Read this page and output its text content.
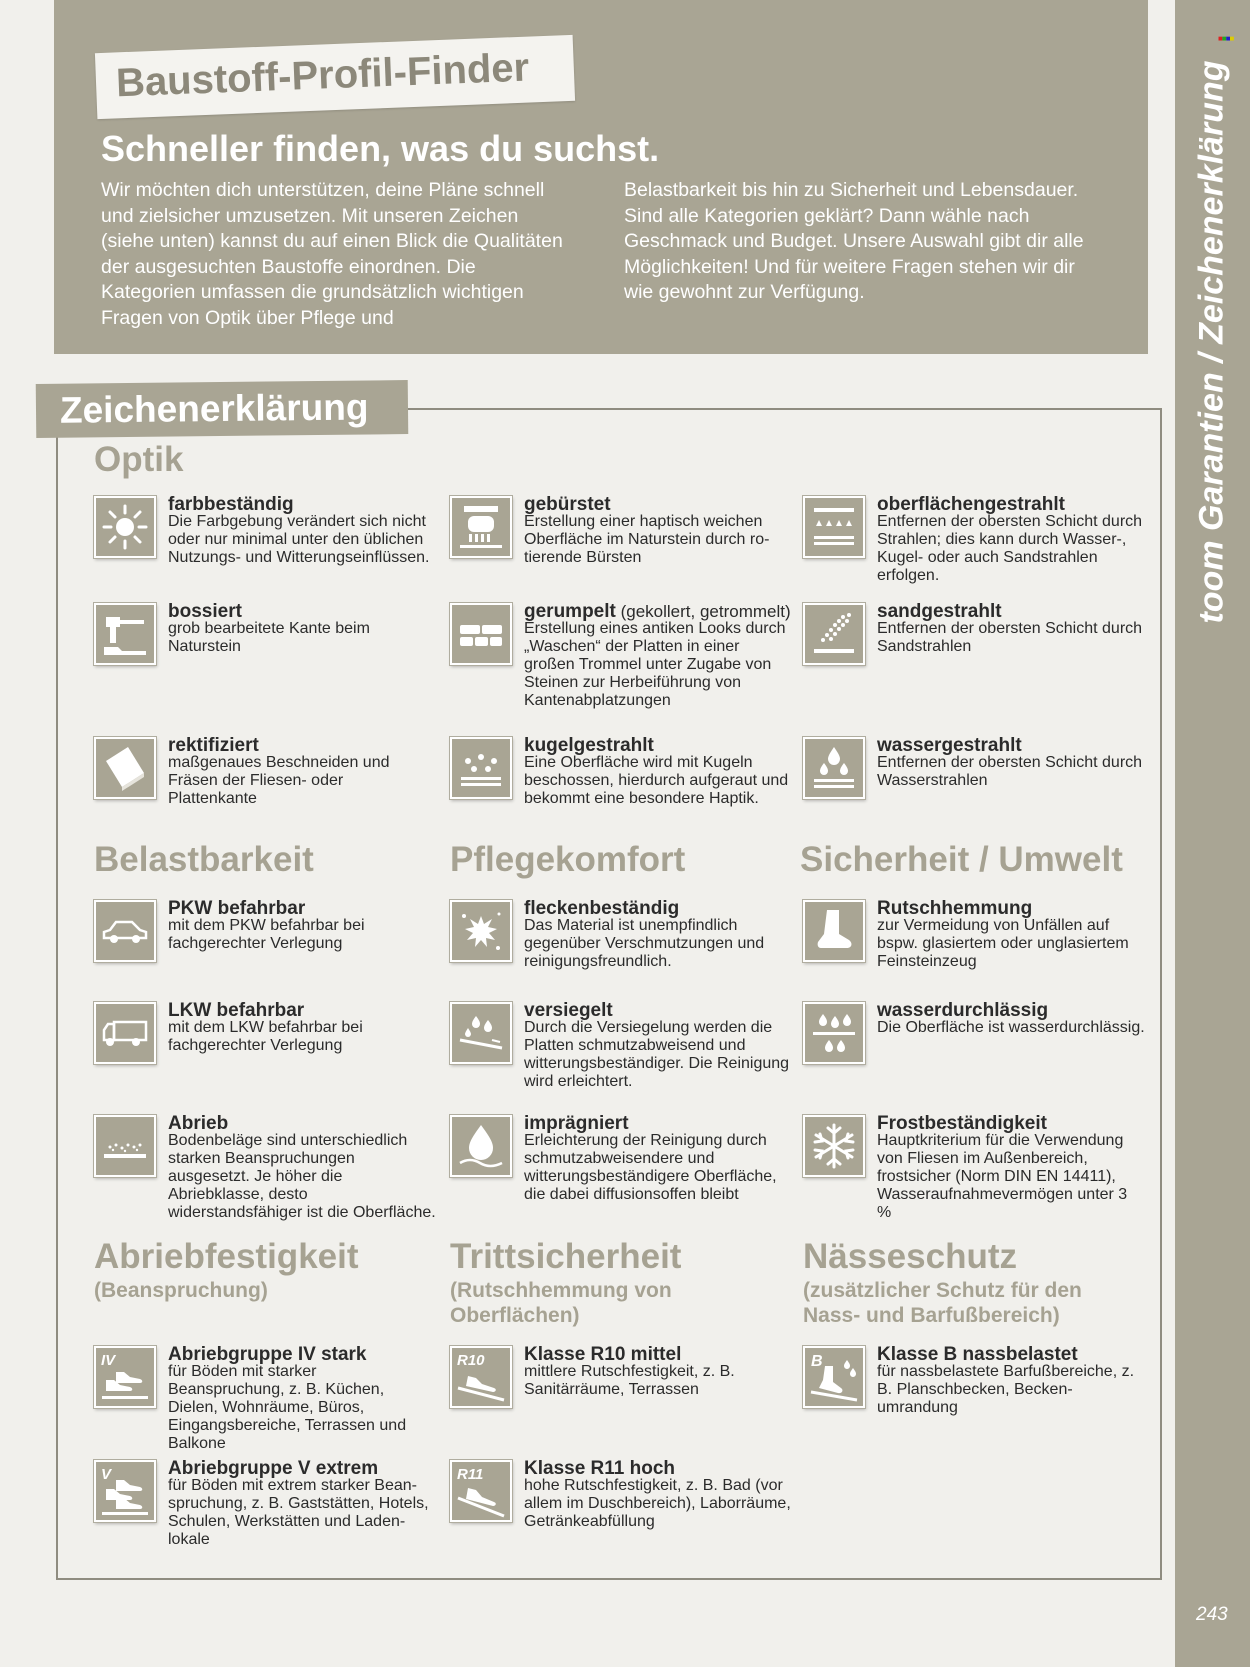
Baustoff-Profil-Finder
Schneller finden, was du suchst.
Wir möchten dich unterstützen, deine Pläne schnell und zielsicher umzusetzen. Mit unseren Zeichen (siehe unten) kannst du auf einen Blick die Qualitäten der ausgesuchten Baustoffe einordnen. Die Kategorien umfassen die grundsätzlich wichtigen Fragen von Optik über Pflege und
Belastbarkeit bis hin zu Sicherheit und Lebensdauer. Sind alle Kategorien geklärt? Dann wähle nach Geschmack und Budget. Unsere Auswahl gibt dir alle Möglichkeiten! Und für weitere Fragen stehen wir dir wie gewohnt zur Verfügung.	toom Garantien / Zeichenerklärung
■■■■
243
Zeichenerklärung
Optik
Belastbarkeit	Pflegekomfort	Sicherheit / Umwelt
Abriebfestigkeit
(Beanspruchung)
Trittsicherheit
(Rutschhemmung von Oberflächen)
Nässeschutz
(zusätzlicher Schutz für den Nass- und Barfußbereich)
farbbeständig
Die Farbgebung verändert sich nicht oder nur minimal unter den üblichen Nutzungs- und Witterungseinflüssen.
gebürstet
Erstellung einer haptisch weichen Oberfläche im Naturstein durch rotierende Bürsten
oberflächengestrahlt
Entfernen der obersten Schicht durch Strahlen; dies kann durch Wasser-, Kugel- oder auch Sandstrahlen erfolgen.
bossiert
grob bearbeitete Kante beim Naturstein
gerumpelt (gekollert, getrommelt)
Erstellung eines antiken Looks durch „Waschen“ der Platten in einer großen Trommel unter Zugabe von Steinen zur Herbeiführung von Kantenabplatzungen
sandgestrahlt
Entfernen der obersten Schicht durch Sandstrahlen
rektifiziert
maßgenaues Beschneiden und Fräsen der Fliesen- oder Plattenkante
kugelgestrahlt
Eine Oberfläche wird mit Kugeln beschossen, hierdurch aufgeraut und bekommt eine besondere Haptik.
wassergestrahlt
Entfernen der obersten Schicht durch Wasserstrahlen
PKW befahrbar
mit dem PKW befahrbar bei fachgerechter Verlegung
fleckenbeständig
Das Material ist unempfindlich gegenüber Verschmutzungen und reinigungsfreundlich.
Rutschhemmung
zur Vermeidung von Unfällen auf bspw. glasiertem oder unglasiertem Feinsteinzeug
LKW befahrbar
mit dem LKW befahrbar bei fachgerechter Verlegung
versiegelt
Durch die Versiegelung werden die Platten schmutzabweisend und witterungsbeständiger. Die Reinigung wird erleichtert.
wasserdurchlässig
Die Oberfläche ist wasserdurchlässig.
Abrieb
Bodenbeläge sind unterschiedlich starken Beanspruchungen ausgesetzt. Je höher die Abriebklasse, desto widerstandsfähiger ist die Oberfläche.
imprägniert
Erleichterung der Reinigung durch schmutzabweisendere und witterungsbeständigere Oberfläche, die dabei diffusionsoffen bleibt
Frostbeständigkeit
Hauptkriterium für die Verwendung von Fliesen im Außenbereich, frostsicher (Norm DIN EN 14411), Wasseraufnahmevermögen unter 3 %
IV	Abriebgruppe IV stark
für Böden mit starker Beanspruchung, z. B. Küchen, Dielen, Wohnräume, Büros, Eingangsbereiche, Terrassen und Balkone
R10 Klasse R10 mittel
mittlere Rutschfestigkeit, z. B. Sanitärräume, Terrassen
B	Klasse B nassbelastet
für nassbelastete Barfußbereiche, z. B. Planschbecken, Beckenumrandung
V	Abriebgruppe V extrem
für Böden mit extrem starker Beanspruchung, z. B. Gaststätten, Hotels, Schulen, Werkstätten und Ladenlokale
R11 Klasse R11 hoch
hohe Rutschfestigkeit, z. B. Bad (vor allem im Duschbereich), Laborräume, Getränkeabfüllung
